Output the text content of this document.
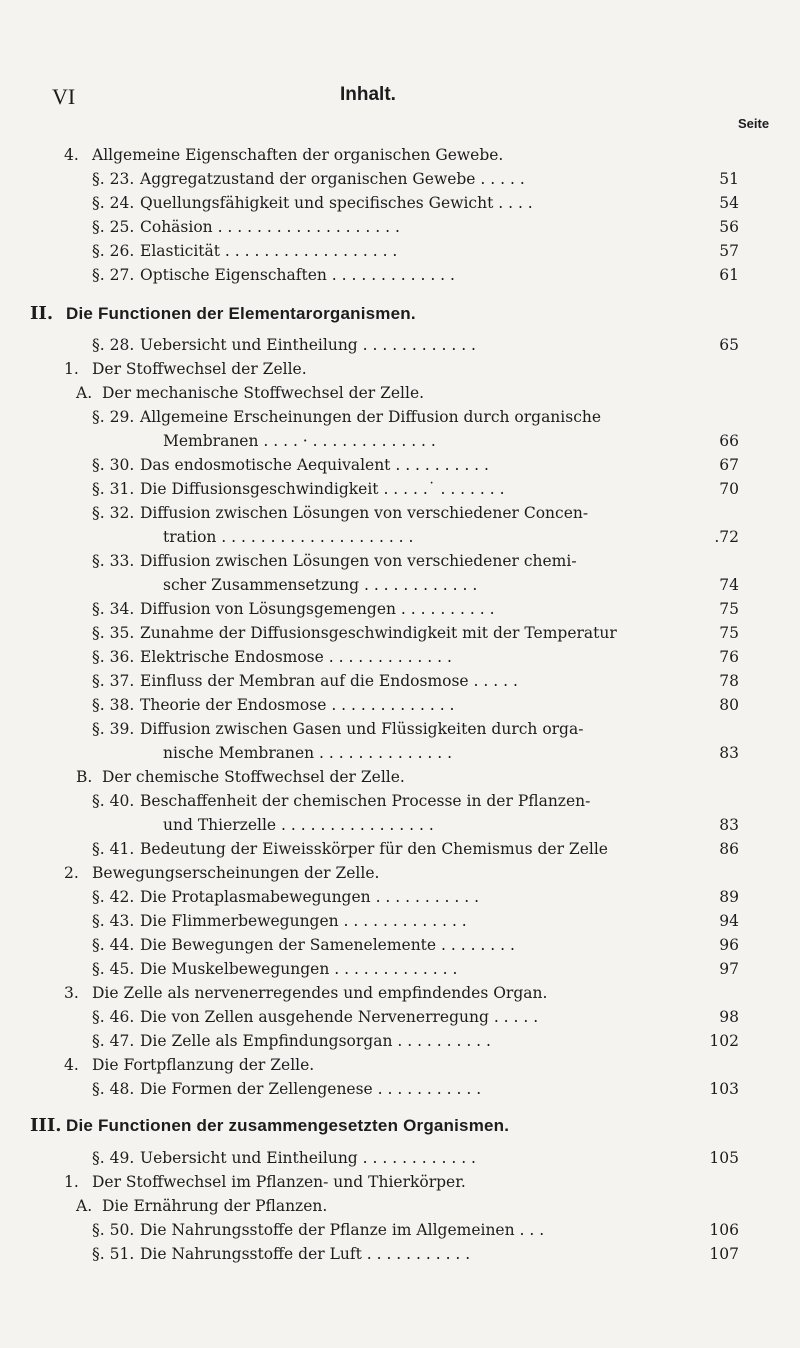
VI	Inhalt.
Seite
4. Allgemeine Eigenschaften der organischen Gewebe.
§. 23. Aggregatzustand der organischen Gewebe . . . . .	51
§. 24. Quellungsfähigkeit und specifisches Gewicht . . . .	54
§. 25. Cohäsion . . . . . . . . . . . . . . . . . . .	56
§. 26. Elasticität . . . . . . . . . . . . . . . . . .	57
§. 27. Optische Eigenschaften . . . . . . . . . . . . .	61
II. Die Functionen der Elementarorganismen.
§. 28. Uebersicht und Eintheilung . . . . . . . . . . . .	65
1. Der Stoffwechsel der Zelle.
A. Der mechanische Stoffwechsel der Zelle.
§. 29. Allgemeine Erscheinungen der Diffusion durch organische
Membranen . . . . · . . . . . . . . . . . . .	66
§. 30. Das endosmotische Aequivalent . . . . . . . . . .	67
§. 31. Die Diffusionsgeschwindigkeit . . . . .˙ . . . . . . .	70
§. 32. Diffusion zwischen Lösungen von verschiedener Concen-
tration . . . . . . . . . . . . . . . . . . . .	.72
§. 33. Diffusion zwischen Lösungen von verschiedener chemi-
scher Zusammensetzung . . . . . . . . . . . .	74
§. 34. Diffusion von Lösungsgemengen . . . . . . . . . .	75
§. 35. Zunahme der Diffusionsgeschwindigkeit mit der Temperatur	75
§. 36. Elektrische Endosmose . . . . . . . . . . . . .	76
§. 37. Einfluss der Membran auf die Endosmose . . . . .	78
§. 38. Theorie der Endosmose . . . . . . . . . . . . .	80
§. 39. Diffusion zwischen Gasen und Flüssigkeiten durch orga-
nische Membranen . . . . . . . . . . . . . .	83
B. Der chemische Stoffwechsel der Zelle.
§. 40. Beschaffenheit der chemischen Processe in der Pflanzen-
und Thierzelle . . . . . . . . . . . . . . . .	83
§. 41. Bedeutung der Eiweisskörper für den Chemismus der Zelle	86
2. Bewegungserscheinungen der Zelle.
§. 42. Die Protaplasmabewegungen . . . . . . . . . . .	89
§. 43. Die Flimmerbewegungen . . . . . . . . . . . . .	94
§. 44. Die Bewegungen der Samenelemente . . . . . . . .	96
§. 45. Die Muskelbewegungen . . . . . . . . . . . . .	97
3. Die Zelle als nervenerregendes und empfindendes Organ.
§. 46. Die von Zellen ausgehende Nervenerregung . . . . .	98
§. 47. Die Zelle als Empfindungsorgan . . . . . . . . . .	102
4. Die Fortpflanzung der Zelle.
§. 48. Die Formen der Zellengenese . . . . . . . . . . .	103
III. Die Functionen der zusammengesetzten Organismen.
§. 49. Uebersicht und Eintheilung . . . . . . . . . . . .	105
1. Der Stoffwechsel im Pflanzen- und Thierkörper.
A. Die Ernährung der Pflanzen.
§. 50. Die Nahrungsstoffe der Pflanze im Allgemeinen . . .	106
§. 51. Die Nahrungsstoffe der Luft . . . . . . . . . . .	107
